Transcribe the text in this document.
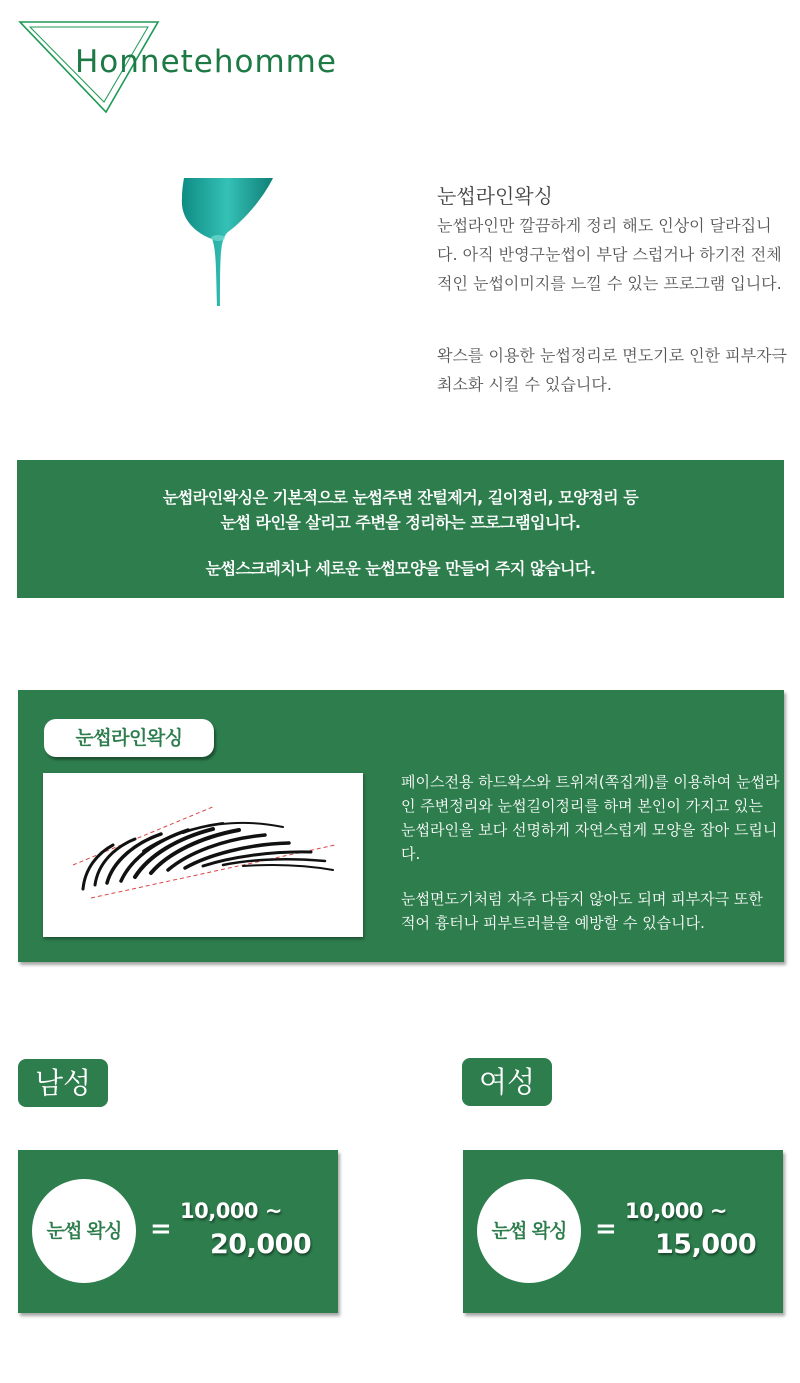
Honnetehomme
눈썹라인왁싱

눈썹라인만 깔끔하게 정리 해도 인상이 달라집니다. 아직 반영구눈썹이 부담 스럽거나 하기전 전체적인 눈썹이미지를 느낄 수 있는 프로그램 입니다.

왁스를 이용한 눈썹정리로 면도기로 인한 피부자극 최소화 시킬 수 있습니다.

눈썹라인왁싱은 기본적으로 눈썹주변 잔털제거, 길이정리, 모양정리 등
눈썹 라인을 살리고 주변을 정리하는 프로그램입니다.
눈썹스크레치나 세로운 눈썹모양을 만들어 주지 않습니다.
눈썹라인왁싱

페이스전용 하드왁스와 트위져(쪽집게)를 이용하여 눈썹라인 주변정리와 눈썹길이정리를 하며 본인이 가지고 있는 눈썹라인을 보다 선명하게 자연스럽게 모양을 잡아 드립니다.

눈썹면도기처럼 자주 다듬지 않아도 되며 피부자극 또한 적어 흉터나 피부트러블을 예방할 수 있습니다.

남성	여성
눈썹 왁싱	=
10,000 ~
20,000	눈썹 왁싱	=
10,000 ~
15,000
